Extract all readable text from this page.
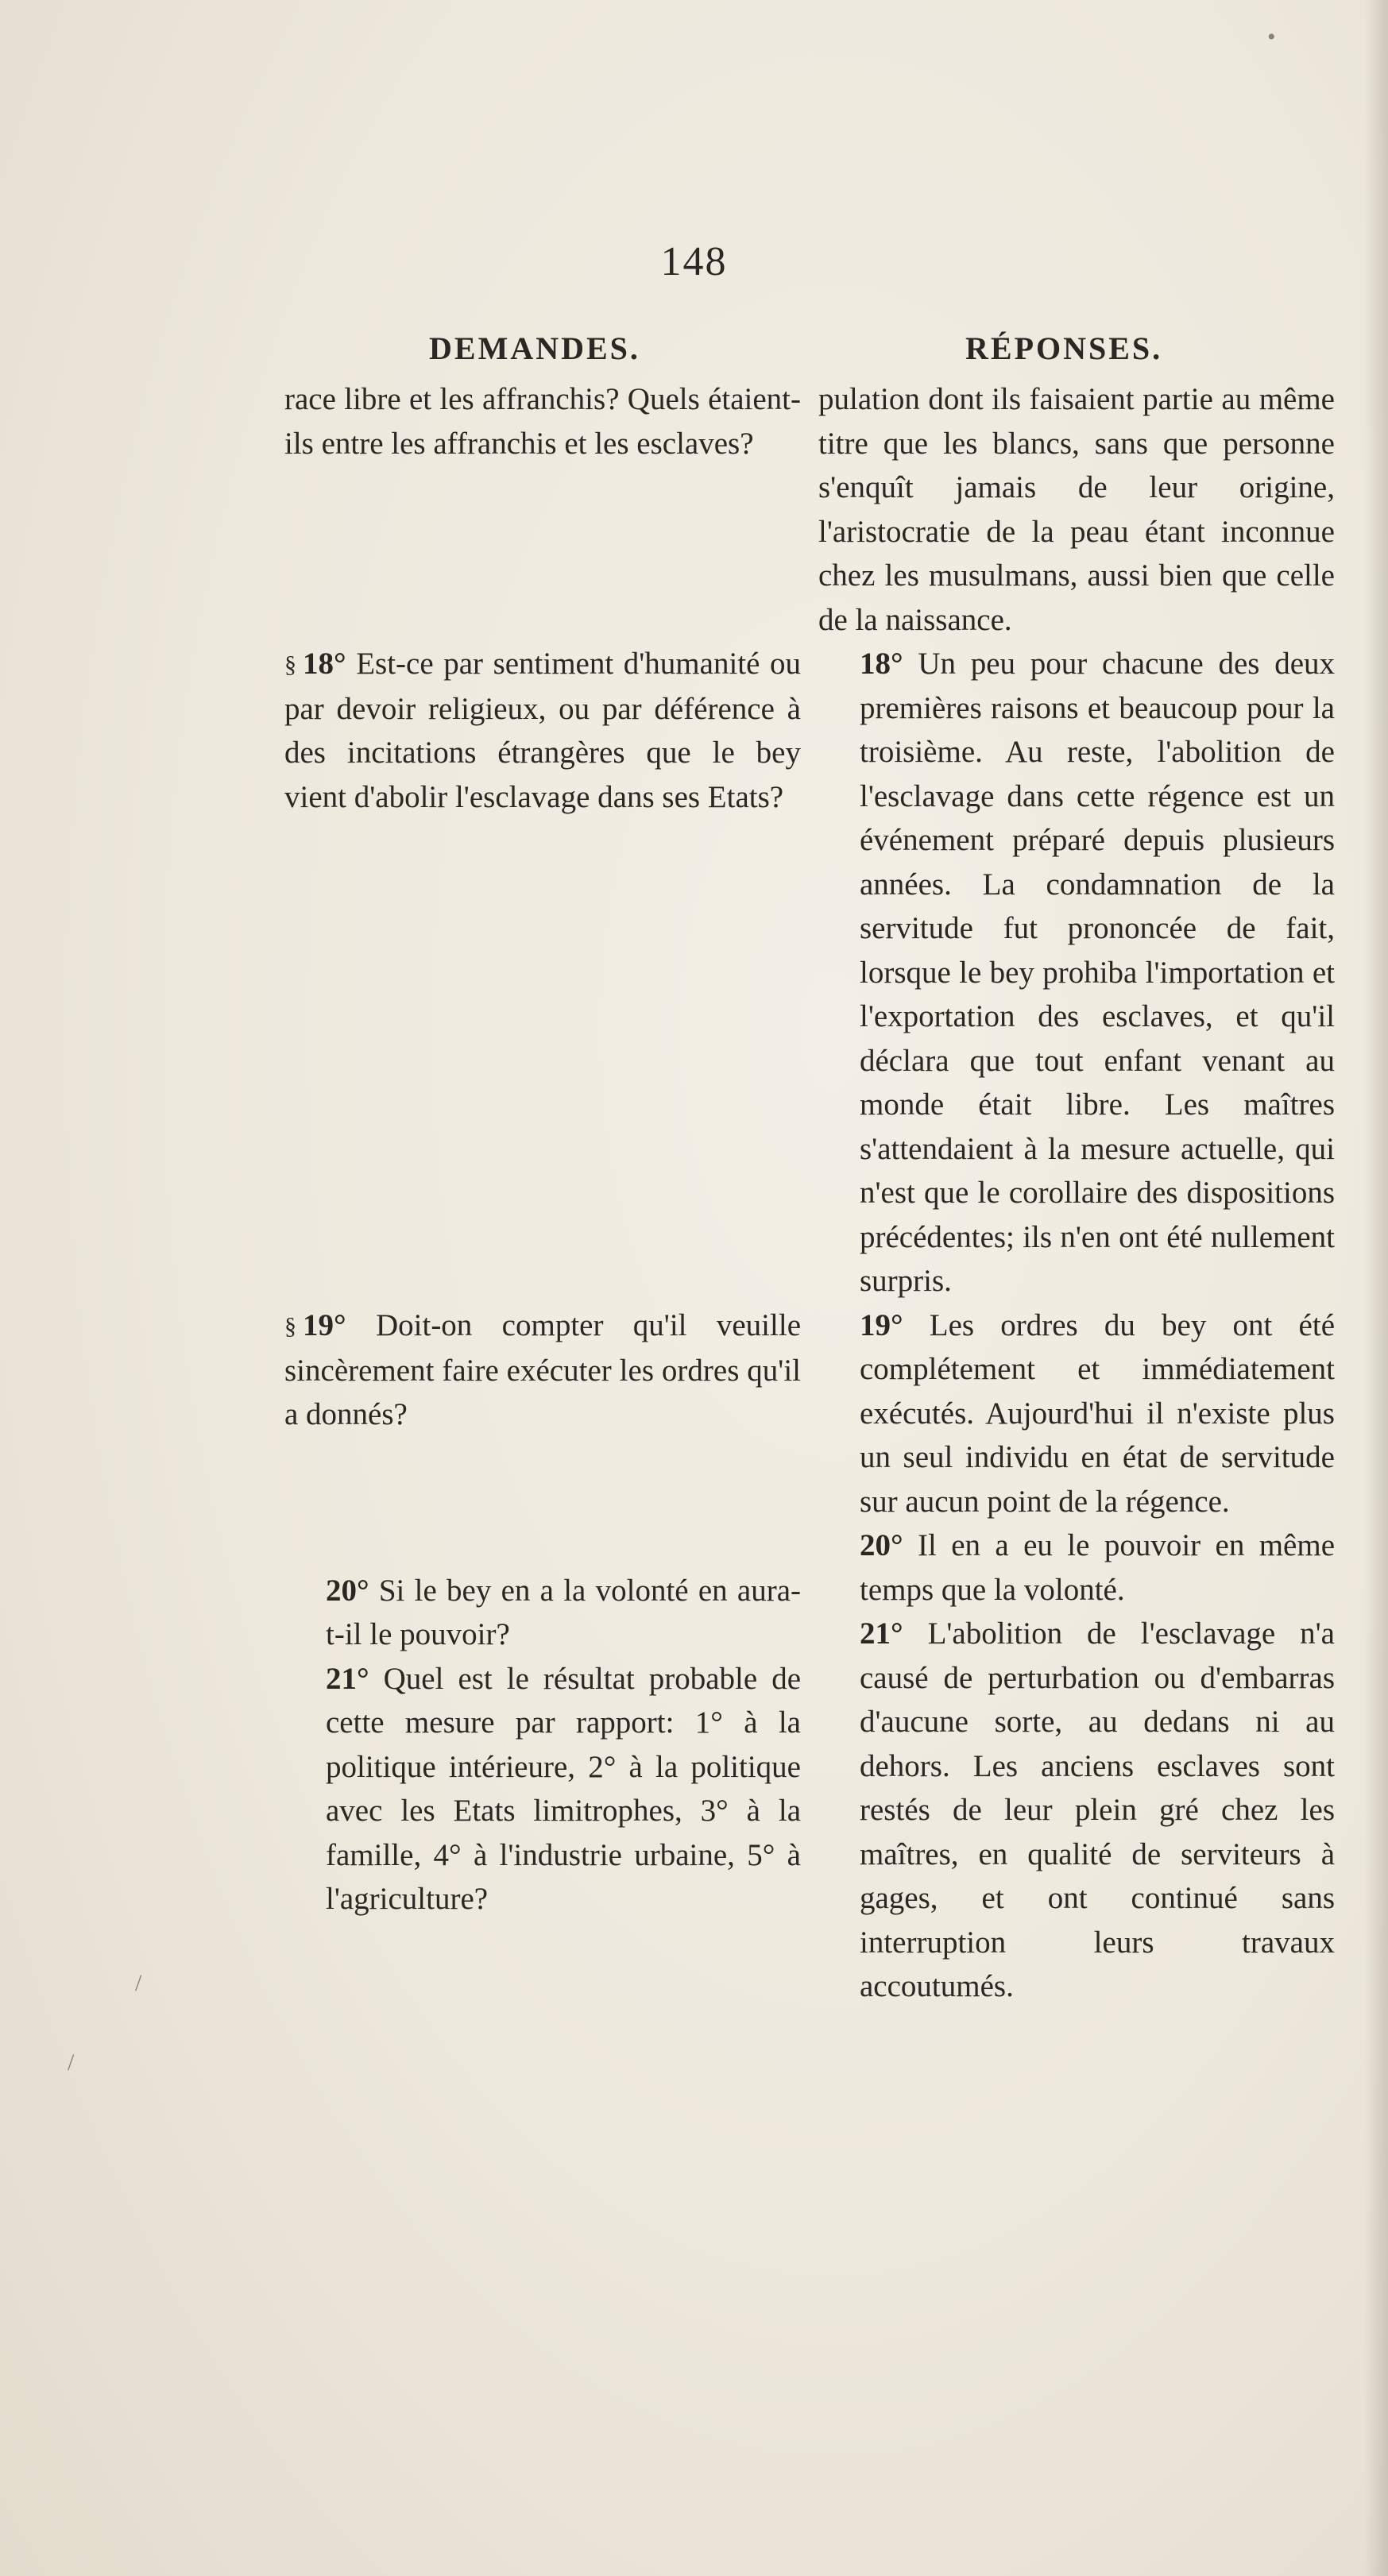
148
DEMANDES.	RÉPONSES.

race libre et les affranchis? Quels étaient-ils entre les affranchis et les esclaves?

§ 18° Est-ce par sentiment d'humanité ou par devoir religieux, ou par déférence à des incitations étrangères que le bey vient d'abolir l'esclavage dans ses Etats?

§ 19° Doit-on compter qu'il veuille sincèrement faire exécuter les ordres qu'il a donnés?

20° Si le bey en a la volonté en aura-t-il le pouvoir?

21° Quel est le résultat probable de cette mesure par rapport: 1° à la politique intérieure, 2° à la politique avec les Etats limitrophes, 3° à la famille, 4° à l'industrie urbaine, 5° à l'agriculture?

pulation dont ils faisaient partie au même titre que les blancs, sans que personne s'enquît jamais de leur origine, l'aristocratie de la peau étant inconnue chez les musulmans, aussi bien que celle de la naissance.

18° Un peu pour chacune des deux premières raisons et beaucoup pour la troisième. Au reste, l'abolition de l'esclavage dans cette régence est un événement préparé depuis plusieurs années. La condamnation de la servitude fut prononcée de fait, lorsque le bey prohiba l'importation et l'exportation des esclaves, et qu'il déclara que tout enfant venant au monde était libre. Les maîtres s'attendaient à la mesure actuelle, qui n'est que le corollaire des dispositions précédentes; ils n'en ont été nullement surpris.

19° Les ordres du bey ont été complétement et immédiatement exécutés. Aujourd'hui il n'existe plus un seul individu en état de servitude sur aucun point de la régence.

20° Il en a eu le pouvoir en même temps que la volonté.

21° L'abolition de l'esclavage n'a causé de perturbation ou d'embarras d'aucune sorte, au dedans ni au dehors. Les anciens esclaves sont restés de leur plein gré chez les maîtres, en qualité de serviteurs à gages, et ont continué sans interruption leurs travaux accoutumés.

•
/
/
